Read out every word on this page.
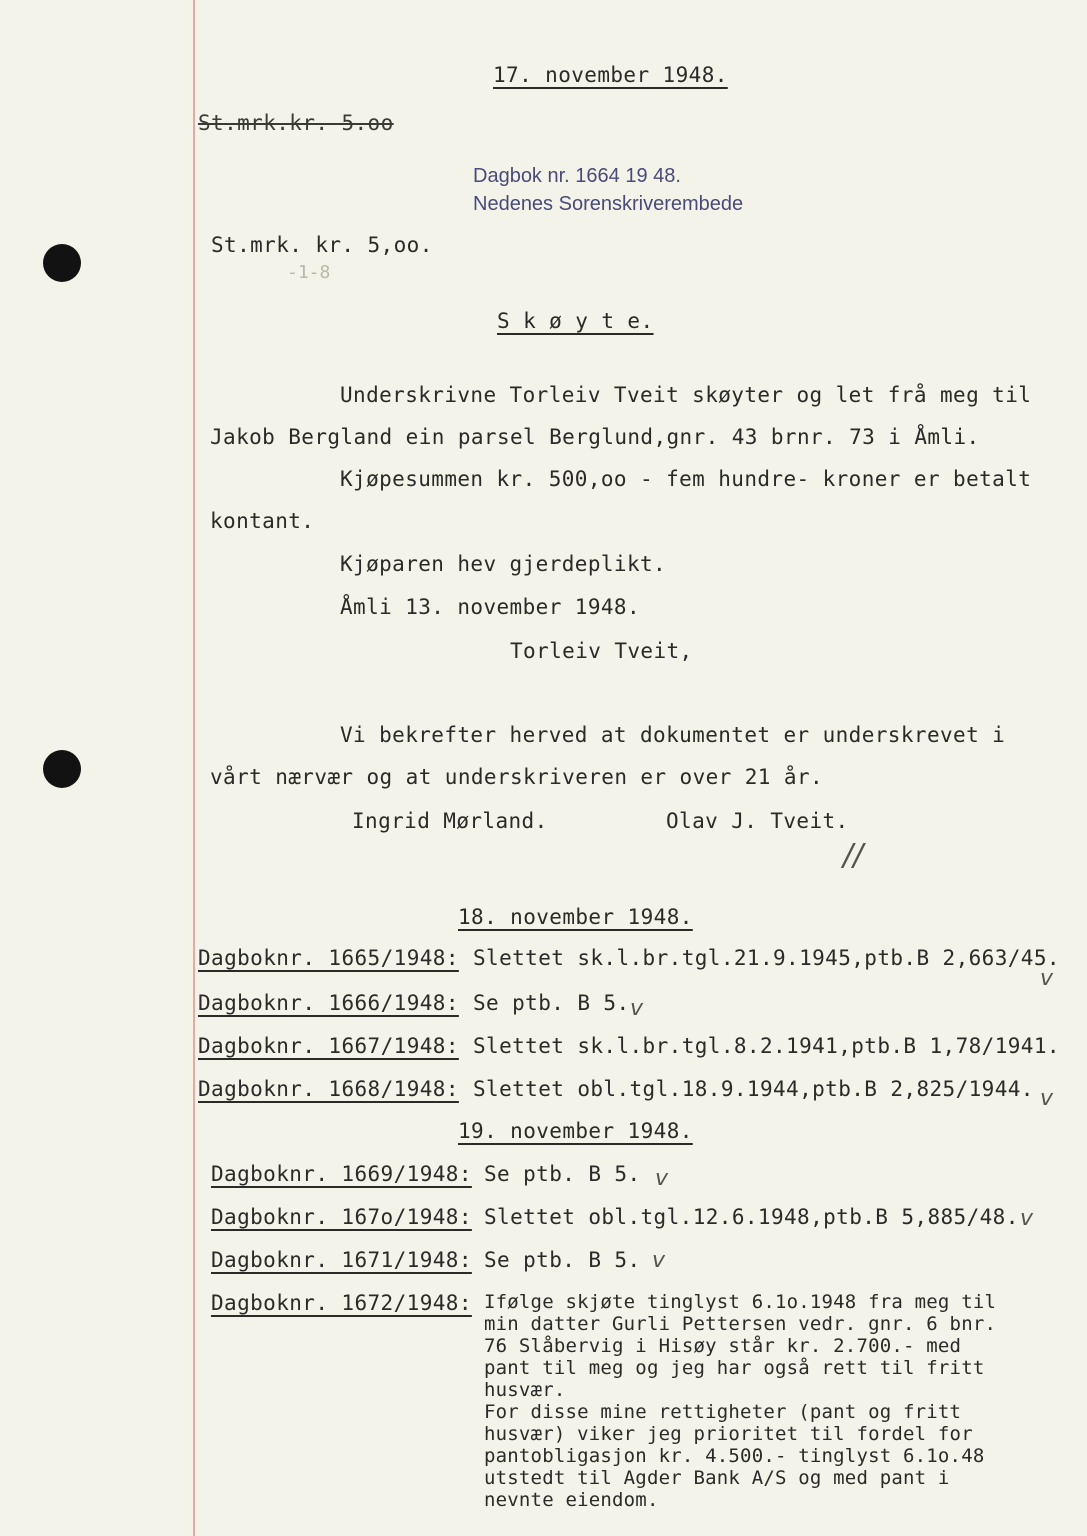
17. november 1948.
St.mrk.kr. 5.oo
Dagbok nr. 1664 19 48.
Nedenes Sorenskriverembede
St.mrk. kr. 5,oo.
-1-8
S k ø y t e.
Underskrivne Torleiv Tveit skøyter og let frå meg til
Jakob Bergland ein parsel Berglund,gnr. 43 brnr. 73 i Åmli.
Kjøpesummen kr. 500,oo - fem hundre- kroner er betalt
kontant.
Kjøparen hev gjerdeplikt.
Åmli 13. november 1948.
Torleiv Tveit,
Vi bekrefter herved at dokumentet er underskrevet i
vårt nærvær og at underskriveren er over 21 år.
Ingrid Mørland.	Olav J. Tveit.
//
18. november 1948.
Dagboknr. 1665/1948: Slettet sk.l.br.tgl.21.9.1945,ptb.B 2,663/45.
v
Dagboknr. 1666/1948: Se ptb. B 5. v
Dagboknr. 1667/1948: Slettet sk.l.br.tgl.8.2.1941,ptb.B 1,78/1941.
Dagboknr. 1668/1948: Slettet obl.tgl.18.9.1944,ptb.B 2,825/1944. v
19. november 1948.
Dagboknr. 1669/1948: Se ptb. B 5. v
Dagboknr. 167o/1948: Slettet obl.tgl.12.6.1948,ptb.B 5,885/48. v
Dagboknr. 1671/1948: Se ptb. B 5. v
Dagboknr. 1672/1948: Ifølge skjøte tinglyst 6.1o.1948 fra meg til
min datter Gurli Pettersen vedr. gnr. 6 bnr.
76 Slåbervig i Hisøy står kr. 2.700.- med
pant til meg og jeg har også rett til fritt
husvær.
For disse mine rettigheter (pant og fritt
husvær) viker jeg prioritet til fordel for
pantobligasjon kr. 4.500.- tinglyst 6.1o.48
utstedt til Agder Bank A/S og med pant i
nevnte eiendom.
